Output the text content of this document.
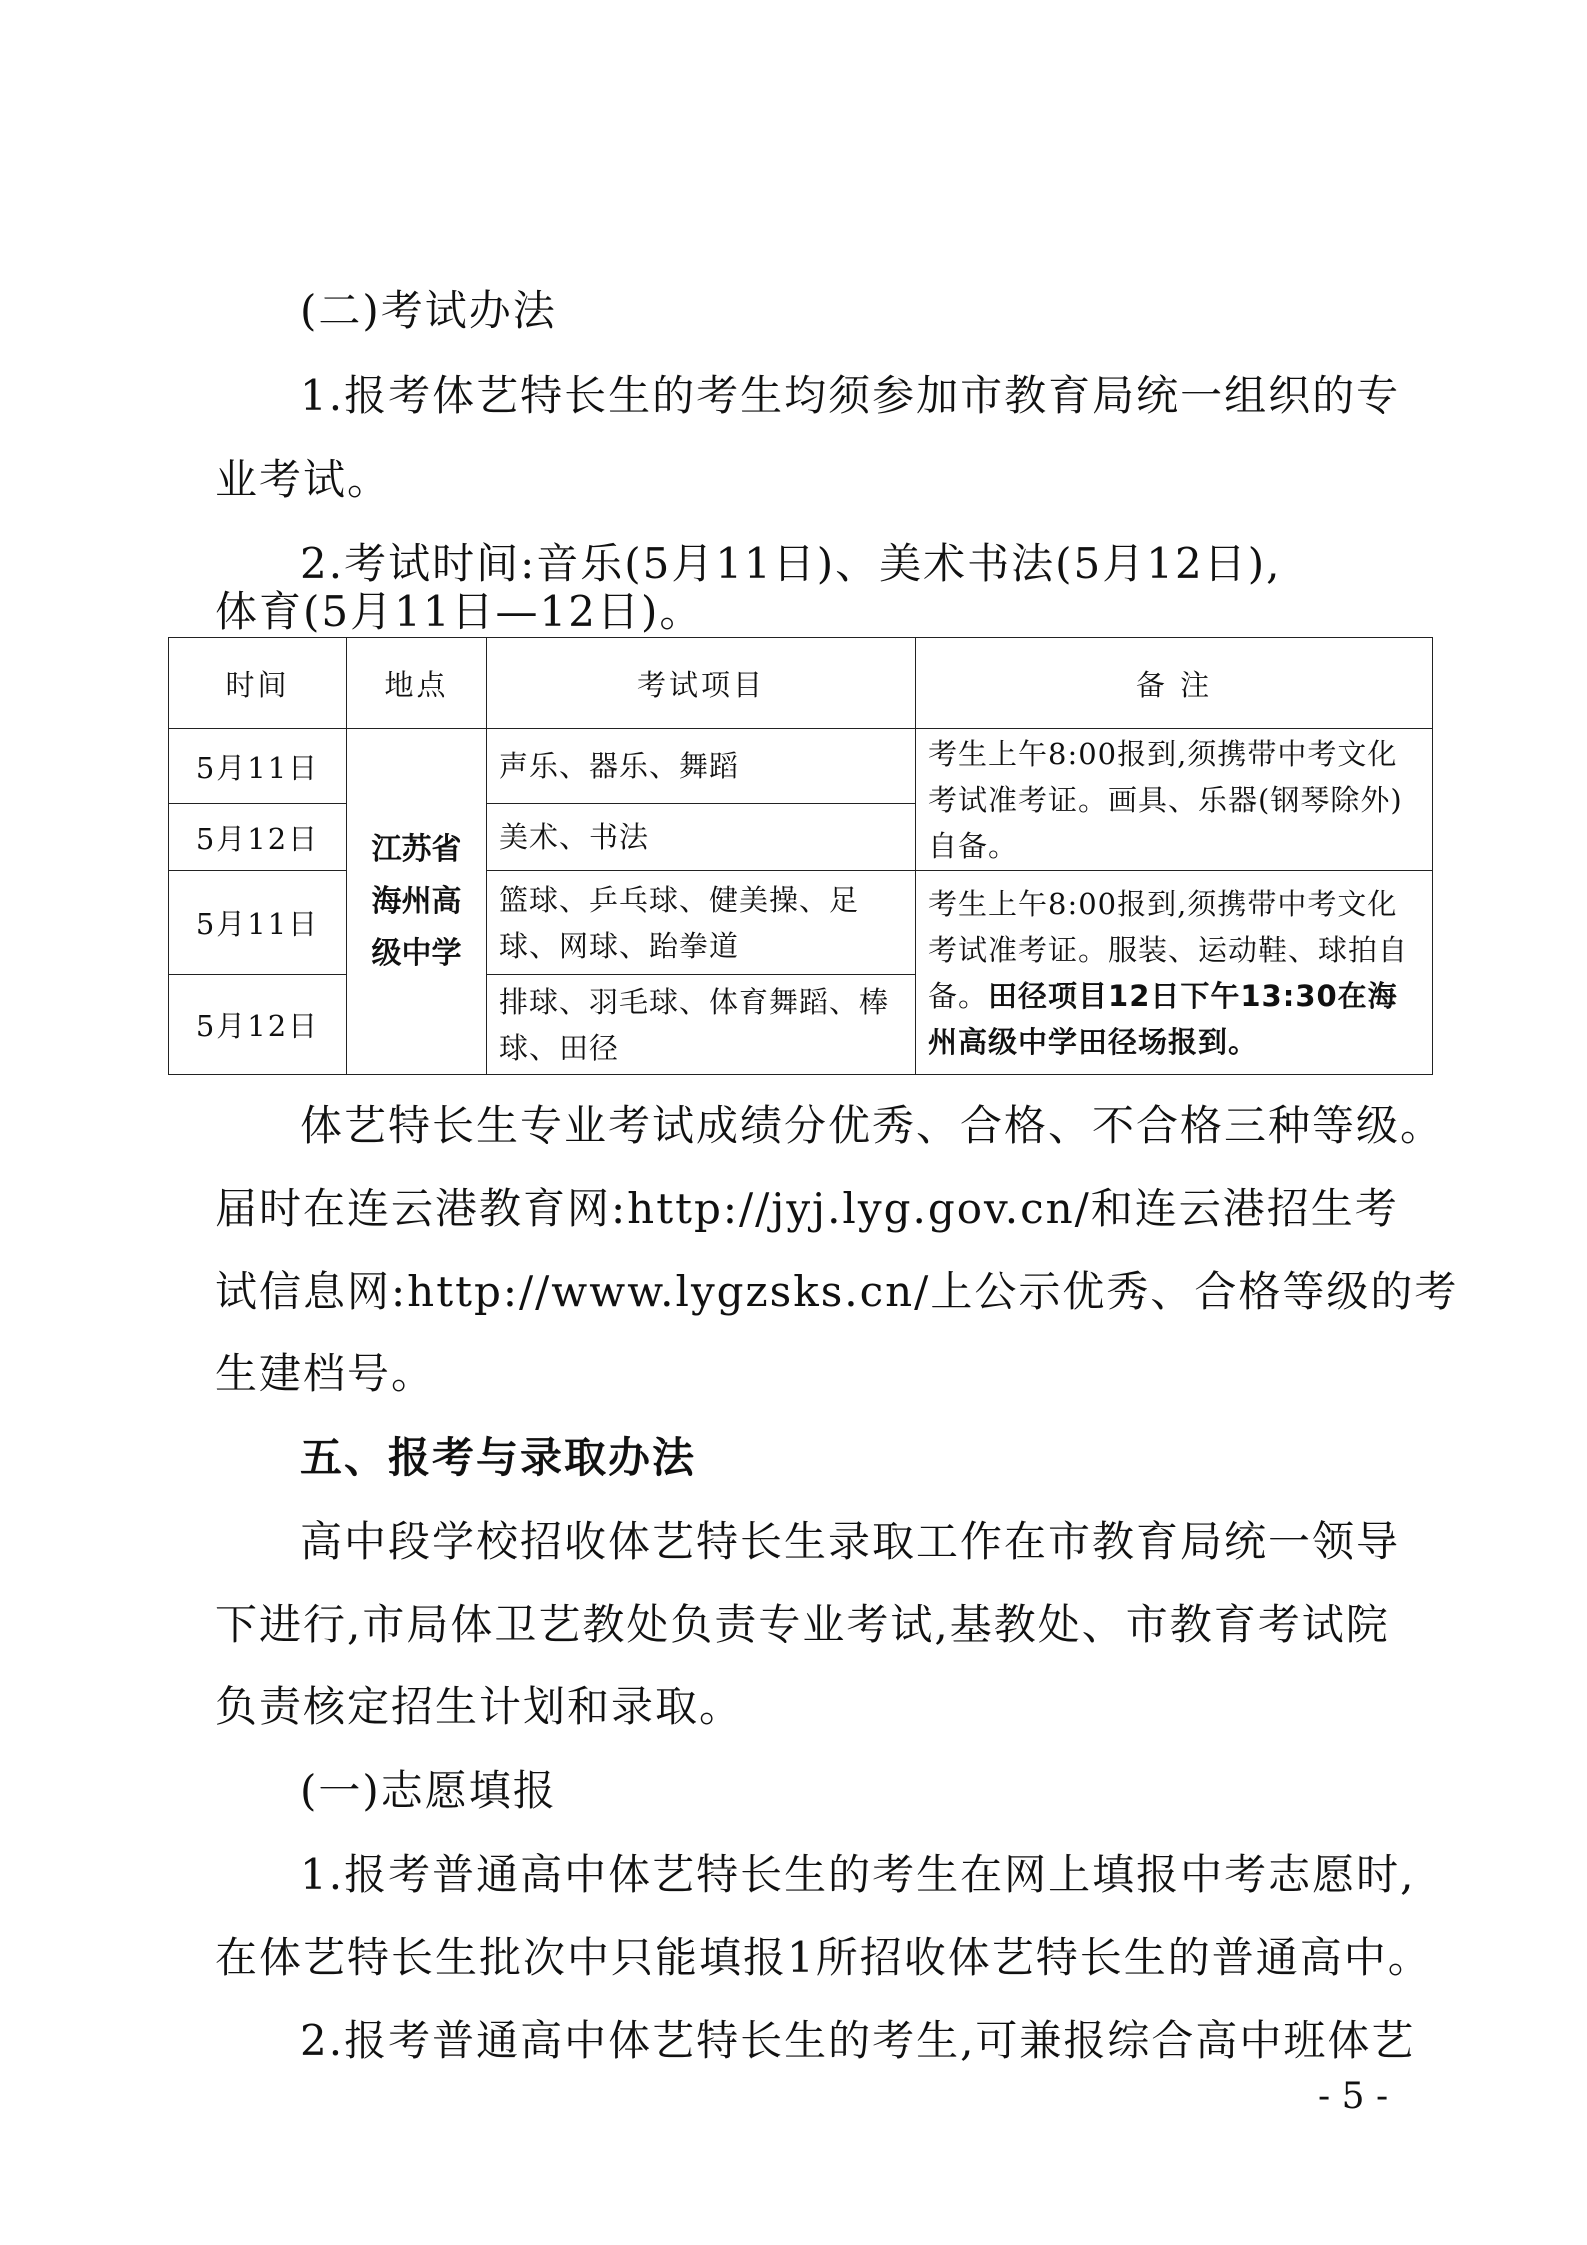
(二)考试办法
1.报考体艺特长生的考生均须参加市教育局统一组织的专
业考试。
2.考试时间:音乐(5月11日)、美术书法(5月12日),
体育(5月11日—12日)。
时间	地点	考试项目	备 注
5月11日	江苏省海州高级中学	声乐、器乐、舞蹈	考生上午8:00报到,须携带中考文化考试准考证。画具、乐器(钢琴除外)自备。
5月12日		美术、书法	
5月11日		篮球、乒乓球、健美操、足球、网球、跆拳道	考生上午8:00报到,须携带中考文化考试准考证。服装、运动鞋、球拍自备。田径项目12日下午13:30在海州高级中学田径场报到。
5月12日		排球、羽毛球、体育舞蹈、棒球、田径	
体艺特长生专业考试成绩分优秀、合格、不合格三种等级。
届时在连云港教育网:http://jyj.lyg.gov.cn/和连云港招生考
试信息网:http://www.lygzsks.cn/上公示优秀、合格等级的考
生建档号。
五、报考与录取办法
高中段学校招收体艺特长生录取工作在市教育局统一领导
下进行,市局体卫艺教处负责专业考试,基教处、市教育考试院
负责核定招生计划和录取。
(一)志愿填报
1.报考普通高中体艺特长生的考生在网上填报中考志愿时,
在体艺特长生批次中只能填报1所招收体艺特长生的普通高中。
2.报考普通高中体艺特长生的考生,可兼报综合高中班体艺
- 5 -
